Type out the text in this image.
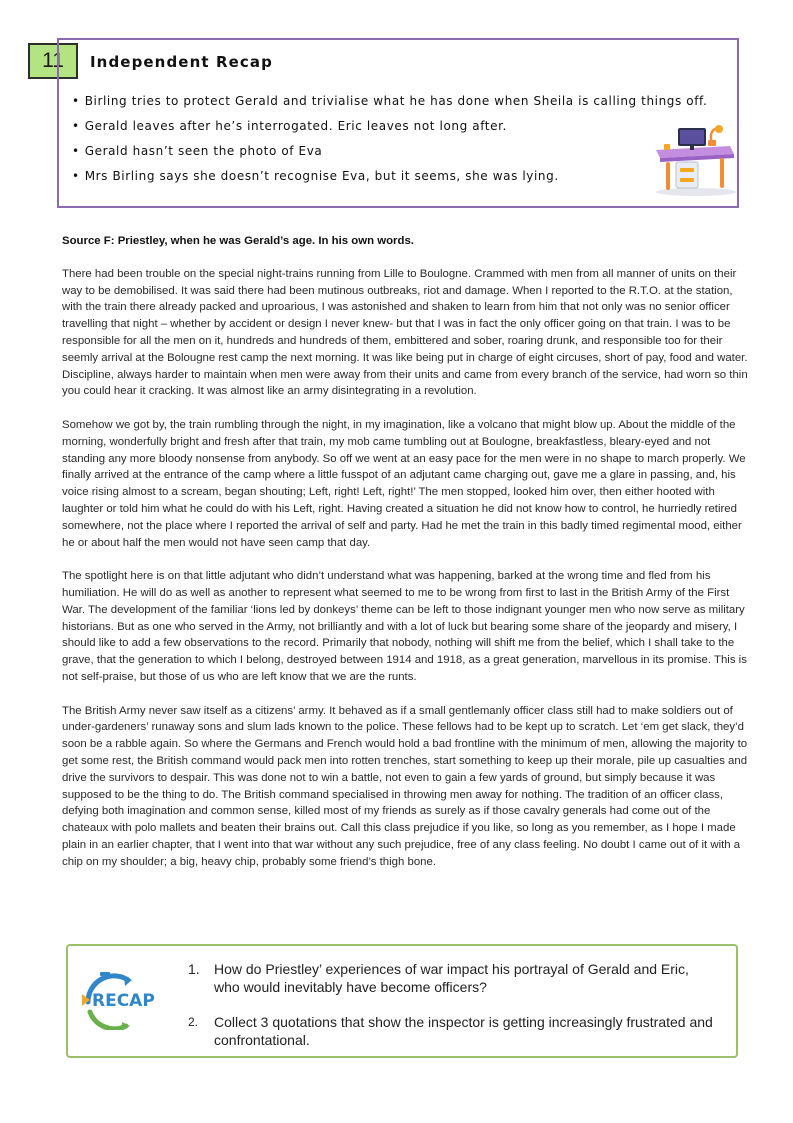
11 Independent Recap
• Birling tries to protect Gerald and trivialise what he has done when Sheila is calling things off.
• Gerald leaves after he’s interrogated. Eric leaves not long after.
• Gerald hasn’t seen the photo of Eva
• Mrs Birling says she doesn’t recognise Eva, but it seems, she was lying.
Source F: Priestley, when he was Gerald’s age. In his own words.

There had been trouble on the special night-trains running from Lille to Boulogne. Crammed with men from all manner of units on their way to be demobilised. It was said there had been mutinous outbreaks, riot and damage. When I reported to the R.T.O. at the station, with the train there already packed and uproarious, I was astonished and shaken to learn from him that not only was no senior officer travelling that night – whether by accident or design I never knew- but that I was in fact the only officer going on that train. I was to be responsible for all the men on it, hundreds and hundreds of them, embittered and sober, roaring drunk, and responsible too for their seemly arrival at the Bolougne rest camp the next morning. It was like being put in charge of eight circuses, short of pay, food and water. Discipline, always harder to maintain when men were away from their units and came from every branch of the service, had worn so thin you could hear it cracking. It was almost like an army disintegrating in a revolution.

Somehow we got by, the train rumbling through the night, in my imagination, like a volcano that might blow up. About the middle of the morning, wonderfully bright and fresh after that train, my mob came tumbling out at Boulogne, breakfastless, bleary-eyed and not standing any more bloody nonsense from anybody. So off we went at an easy pace for the men were in no shape to march properly. We finally arrived at the entrance of the camp where a little fusspot of an adjutant came charging out, gave me a glare in passing, and, his voice rising almost to a scream, began shouting; Left, right! Left, right!’ The men stopped, looked him over, then either hooted with laughter or told him what he could do with his Left, right. Having created a situation he did not know how to control, he hurriedly retired somewhere, not the place where I reported the arrival of self and party. Had he met the train in this badly timed regimental mood, either he or about half the men would not have seen camp that day.

The spotlight here is on that little adjutant who didn’t understand what was happening, barked at the wrong time and fled from his humiliation. He will do as well as another to represent what seemed to me to be wrong from first to last in the British Army of the First War. The development of the familiar ‘lions led by donkeys’ theme can be left to those indignant younger men who now serve as military historians. But as one who served in the Army, not brilliantly and with a lot of luck but bearing some share of the jeopardy and misery, I should like to add a few observations to the record. Primarily that nobody, nothing will shift me from the belief, which I shall take to the grave, that the generation to which I belong, destroyed between 1914 and 1918, as a great generation, marvellous in its promise. This is not self-praise, but those of us who are left know that we are the runts.

The British Army never saw itself as a citizens’ army. It behaved as if a small gentlemanly officer class still had to make soldiers out of under-gardeners’ runaway sons and slum lads known to the police. These fellows had to be kept up to scratch. Let ‘em get slack, they’d soon be a rabble again. So where the Germans and French would hold a bad frontline with the minimum of men, allowing the majority to get some rest, the British command would pack men into rotten trenches, start something to keep up their morale, pile up casualties and drive the survivors to despair. This was done not to win a battle, not even to gain a few yards of ground, but simply because it was supposed to be the thing to do. The British command specialised in throwing men away for nothing. The tradition of an officer class, defying both imagination and common sense, killed most of my friends as surely as if those cavalry generals had come out of the chateaux with polo mallets and beaten their brains out. Call this class prejudice if you like, so long as you remember, as I hope I made plain in an earlier chapter, that I went into that war without any such prejudice, free of any class feeling. No doubt I came out of it with a chip on my shoulder; a big, heavy chip, probably some friend’s thigh bone.

RECAP
1. How do Priestley’ experiences of war impact his portrayal of Gerald and Eric, who would inevitably have become officers?
2. Collect 3 quotations that show the inspector is getting increasingly frustrated and confrontational.
